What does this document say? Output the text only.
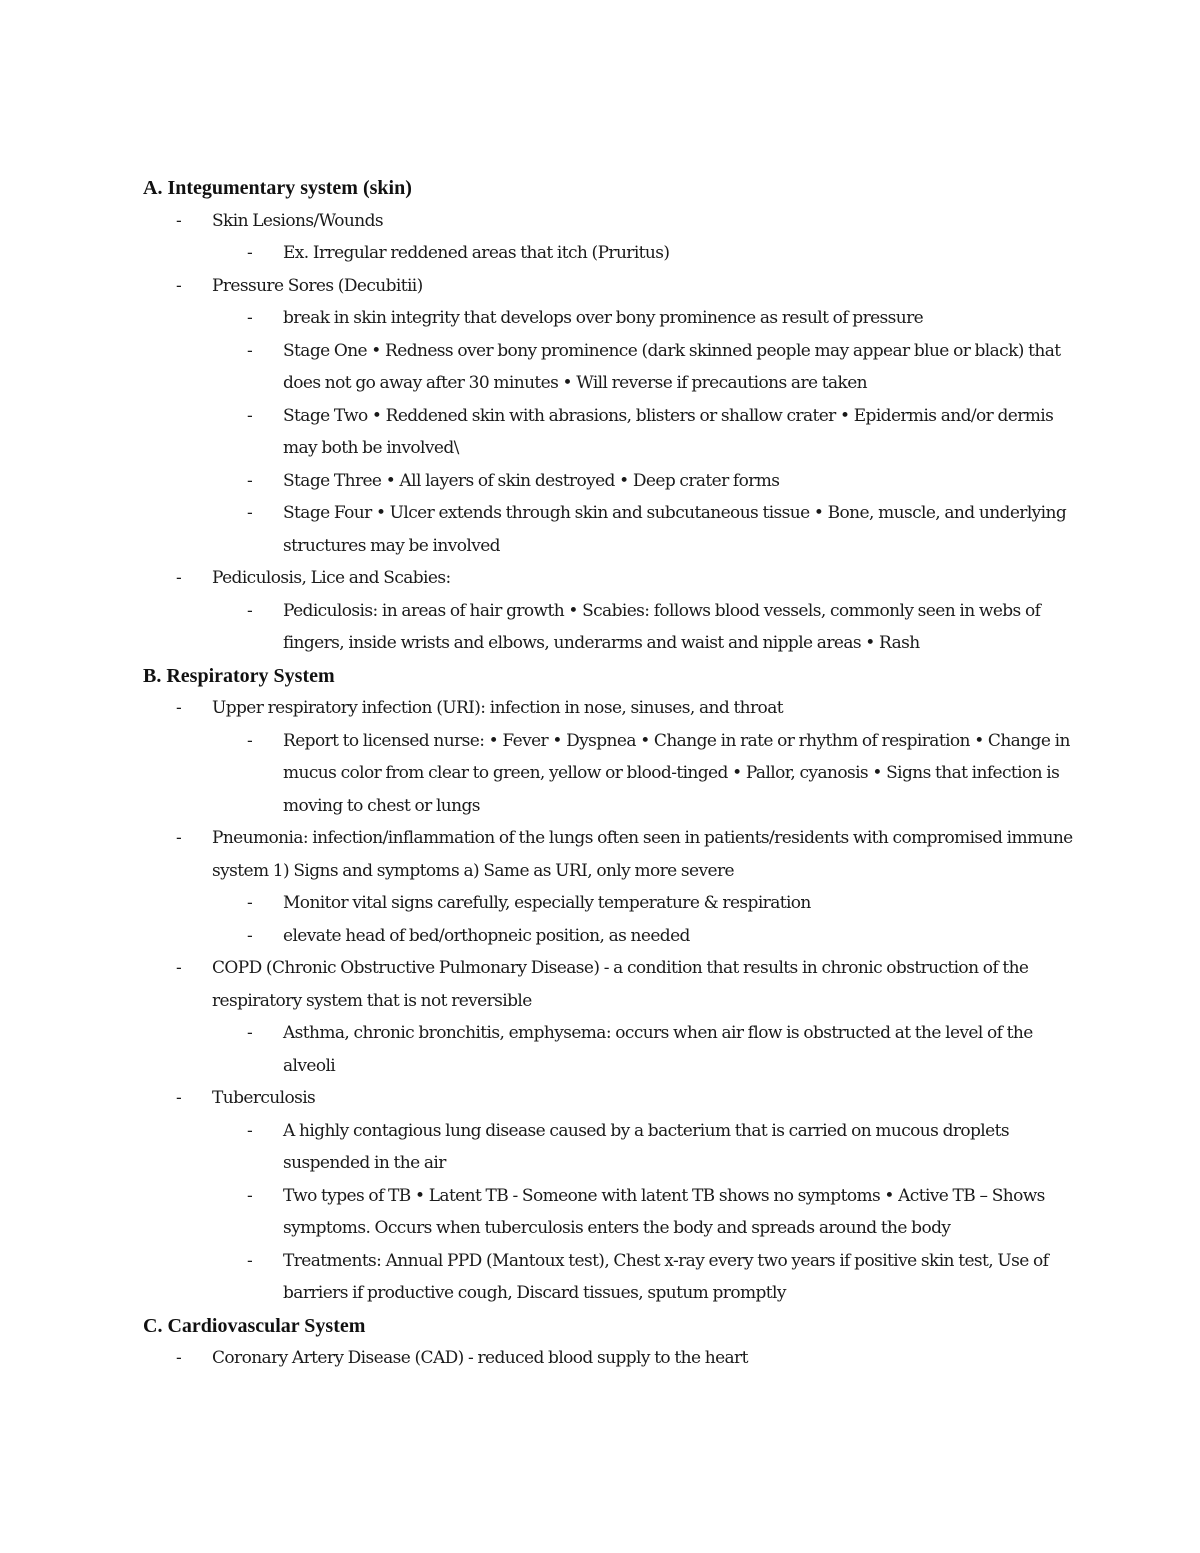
A. Integumentary system (skin)
- Skin Lesions/Wounds
- Ex. Irregular reddened areas that itch (Pruritus)
- Pressure Sores (Decubitii)
- break in skin integrity that develops over bony prominence as result of pressure
- Stage One • Redness over bony prominence (dark skinned people may appear blue or black) that does not go away after 30 minutes • Will reverse if precautions are taken
- Stage Two • Reddened skin with abrasions, blisters or shallow crater • Epidermis and/or dermis may both be involved\
- Stage Three • All layers of skin destroyed • Deep crater forms
- Stage Four • Ulcer extends through skin and subcutaneous tissue • Bone, muscle, and underlying structures may be involved
- Pediculosis, Lice and Scabies:
- Pediculosis: in areas of hair growth • Scabies: follows blood vessels, commonly seen in webs of fingers, inside wrists and elbows, underarms and waist and nipple areas • Rash
B. Respiratory System
- Upper respiratory infection (URI): infection in nose, sinuses, and throat
- Report to licensed nurse: • Fever • Dyspnea • Change in rate or rhythm of respiration • Change in mucus color from clear to green, yellow or blood-tinged • Pallor, cyanosis • Signs that infection is moving to chest or lungs
- Pneumonia: infection/inflammation of the lungs often seen in patients/residents with compromised immune system 1) Signs and symptoms a) Same as URI, only more severe
- Monitor vital signs carefully, especially temperature & respiration
- elevate head of bed/orthopneic position, as needed
- COPD (Chronic Obstructive Pulmonary Disease) - a condition that results in chronic obstruction of the respiratory system that is not reversible
- Asthma, chronic bronchitis, emphysema: occurs when air flow is obstructed at the level of the alveoli
- Tuberculosis
- A highly contagious lung disease caused by a bacterium that is carried on mucous droplets suspended in the air
- Two types of TB • Latent TB - Someone with latent TB shows no symptoms • Active TB – Shows symptoms. Occurs when tuberculosis enters the body and spreads around the body
- Treatments: Annual PPD (Mantoux test), Chest x-ray every two years if positive skin test, Use of barriers if productive cough, Discard tissues, sputum promptly
C. Cardiovascular System
- Coronary Artery Disease (CAD) - reduced blood supply to the heart
